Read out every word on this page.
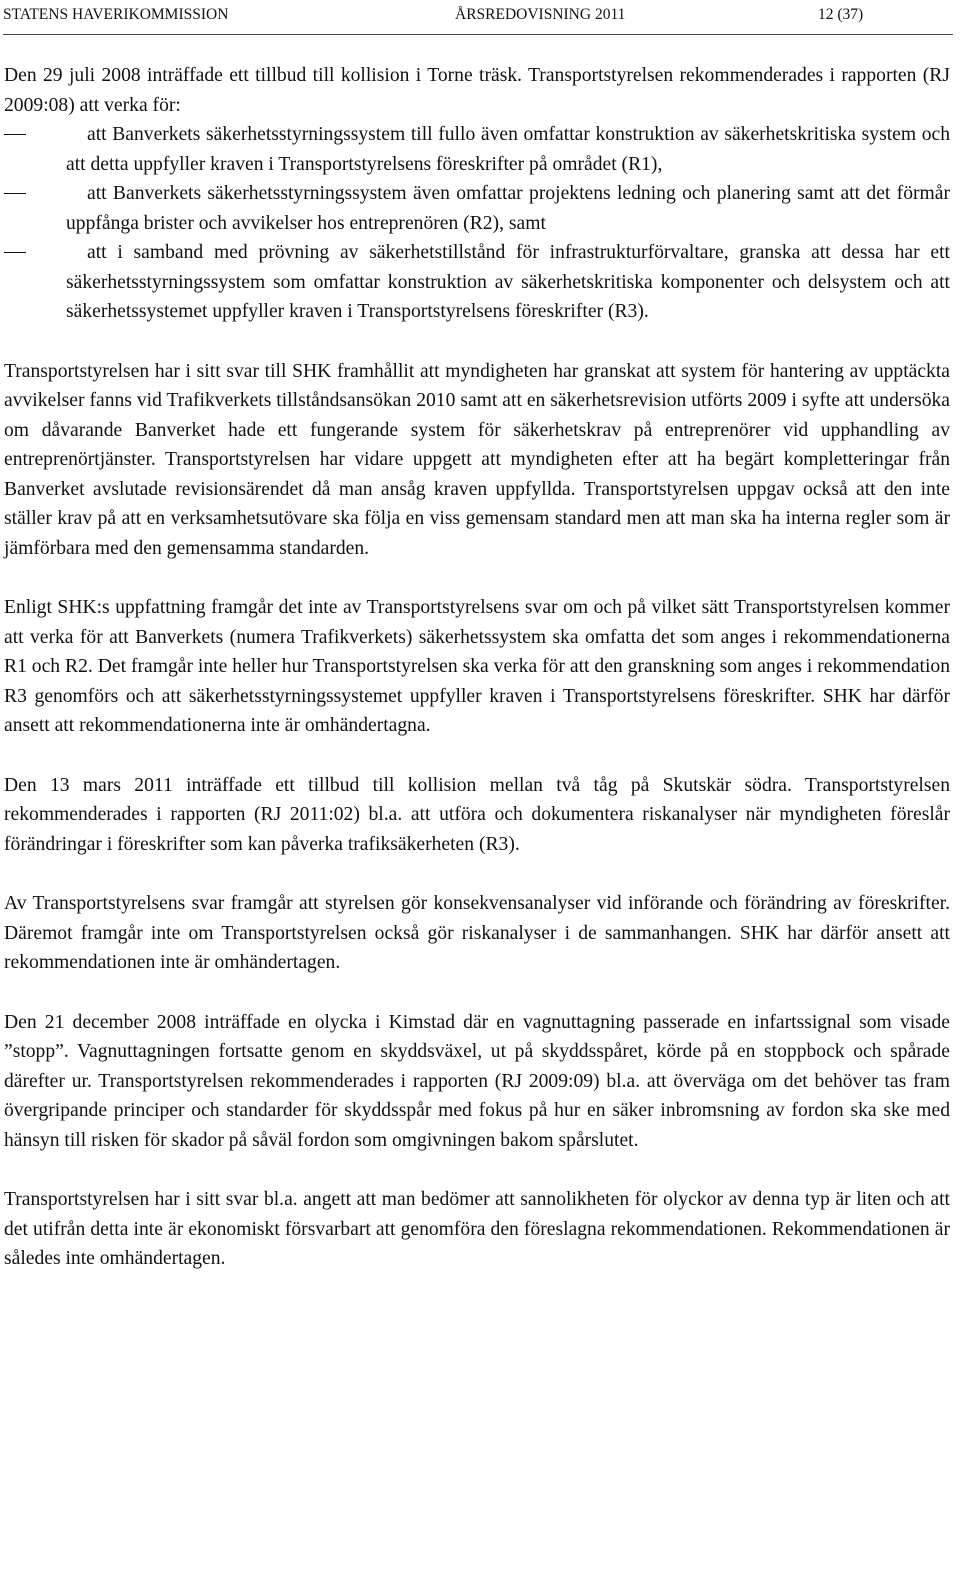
STATENS HAVERIKOMMISSION	ÅRSREDOVISNING 2011	12 (37)

Den 29 juli 2008 inträffade ett tillbud till kollision i Torne träsk. Transportstyrelsen rekommenderades i rapporten (RJ 2009:08) att verka för:

att Banverkets säkerhetsstyrningssystem till fullo även omfattar konstruktion av säkerhetskritiska system och att detta uppfyller kraven i Transportstyrelsens föreskrifter på området (R1),
att Banverkets säkerhetsstyrningssystem även omfattar projektens ledning och planering samt att det förmår uppfånga brister och avvikelser hos entreprenören (R2), samt
att i samband med prövning av säkerhetstillstånd för infrastrukturförvaltare, granska att dessa har ett säkerhetsstyrningssystem som omfattar konstruktion av säkerhetskritiska komponenter och delsystem och att säkerhetssystemet uppfyller kraven i Transportstyrelsens föreskrifter (R3).

Transportstyrelsen har i sitt svar till SHK framhållit att myndigheten har granskat att system för hantering av upptäckta avvikelser fanns vid Trafikverkets tillståndsansökan 2010 samt att en säkerhetsrevision utförts 2009 i syfte att undersöka om dåvarande Banverket hade ett fungerande system för säkerhetskrav på entreprenörer vid upphandling av entreprenörtjänster. Transportstyrelsen har vidare uppgett att myndigheten efter att ha begärt kompletteringar från Banverket avslutade revisionsärendet då man ansåg kraven uppfyllda. Transportstyrelsen uppgav också att den inte ställer krav på att en verksamhetsutövare ska följa en viss gemensam standard men att man ska ha interna regler som är jämförbara med den gemensamma standarden.

Enligt SHK:s uppfattning framgår det inte av Transportstyrelsens svar om och på vilket sätt Transportstyrelsen kommer att verka för att Banverkets (numera Trafikverkets) säkerhetssystem ska omfatta det som anges i rekommendationerna R1 och R2. Det framgår inte heller hur Transportstyrelsen ska verka för att den granskning som anges i rekommendation R3 genomförs och att säkerhetsstyrningssystemet uppfyller kraven i Transportstyrelsens föreskrifter. SHK har därför ansett att rekommendationerna inte är omhändertagna.

Den 13 mars 2011 inträffade ett tillbud till kollision mellan två tåg på Skutskär södra. Transportstyrelsen rekommenderades i rapporten (RJ 2011:02) bl.a. att utföra och dokumentera riskanalyser när myndigheten föreslår förändringar i föreskrifter som kan påverka trafiksäkerheten (R3).

Av Transportstyrelsens svar framgår att styrelsen gör konsekvensanalyser vid införande och förändring av föreskrifter. Däremot framgår inte om Transportstyrelsen också gör riskanalyser i de sammanhangen. SHK har därför ansett att rekommendationen inte är omhändertagen.

Den 21 december 2008 inträffade en olycka i Kimstad där en vagnuttagning passerade en infartssignal som visade ”stopp”. Vagnuttagningen fortsatte genom en skyddsväxel, ut på skyddsspåret, körde på en stoppbock och spårade därefter ur. Transportstyrelsen rekommenderades i rapporten (RJ 2009:09) bl.a. att överväga om det behöver tas fram övergripande principer och standarder för skyddsspår med fokus på hur en säker inbromsning av fordon ska ske med hänsyn till risken för skador på såväl fordon som omgivningen bakom spårslutet.

Transportstyrelsen har i sitt svar bl.a. angett att man bedömer att sannolikheten för olyckor av denna typ är liten och att det utifrån detta inte är ekonomiskt försvarbart att genomföra den föreslagna rekommendationen. Rekommendationen är således inte omhändertagen.
